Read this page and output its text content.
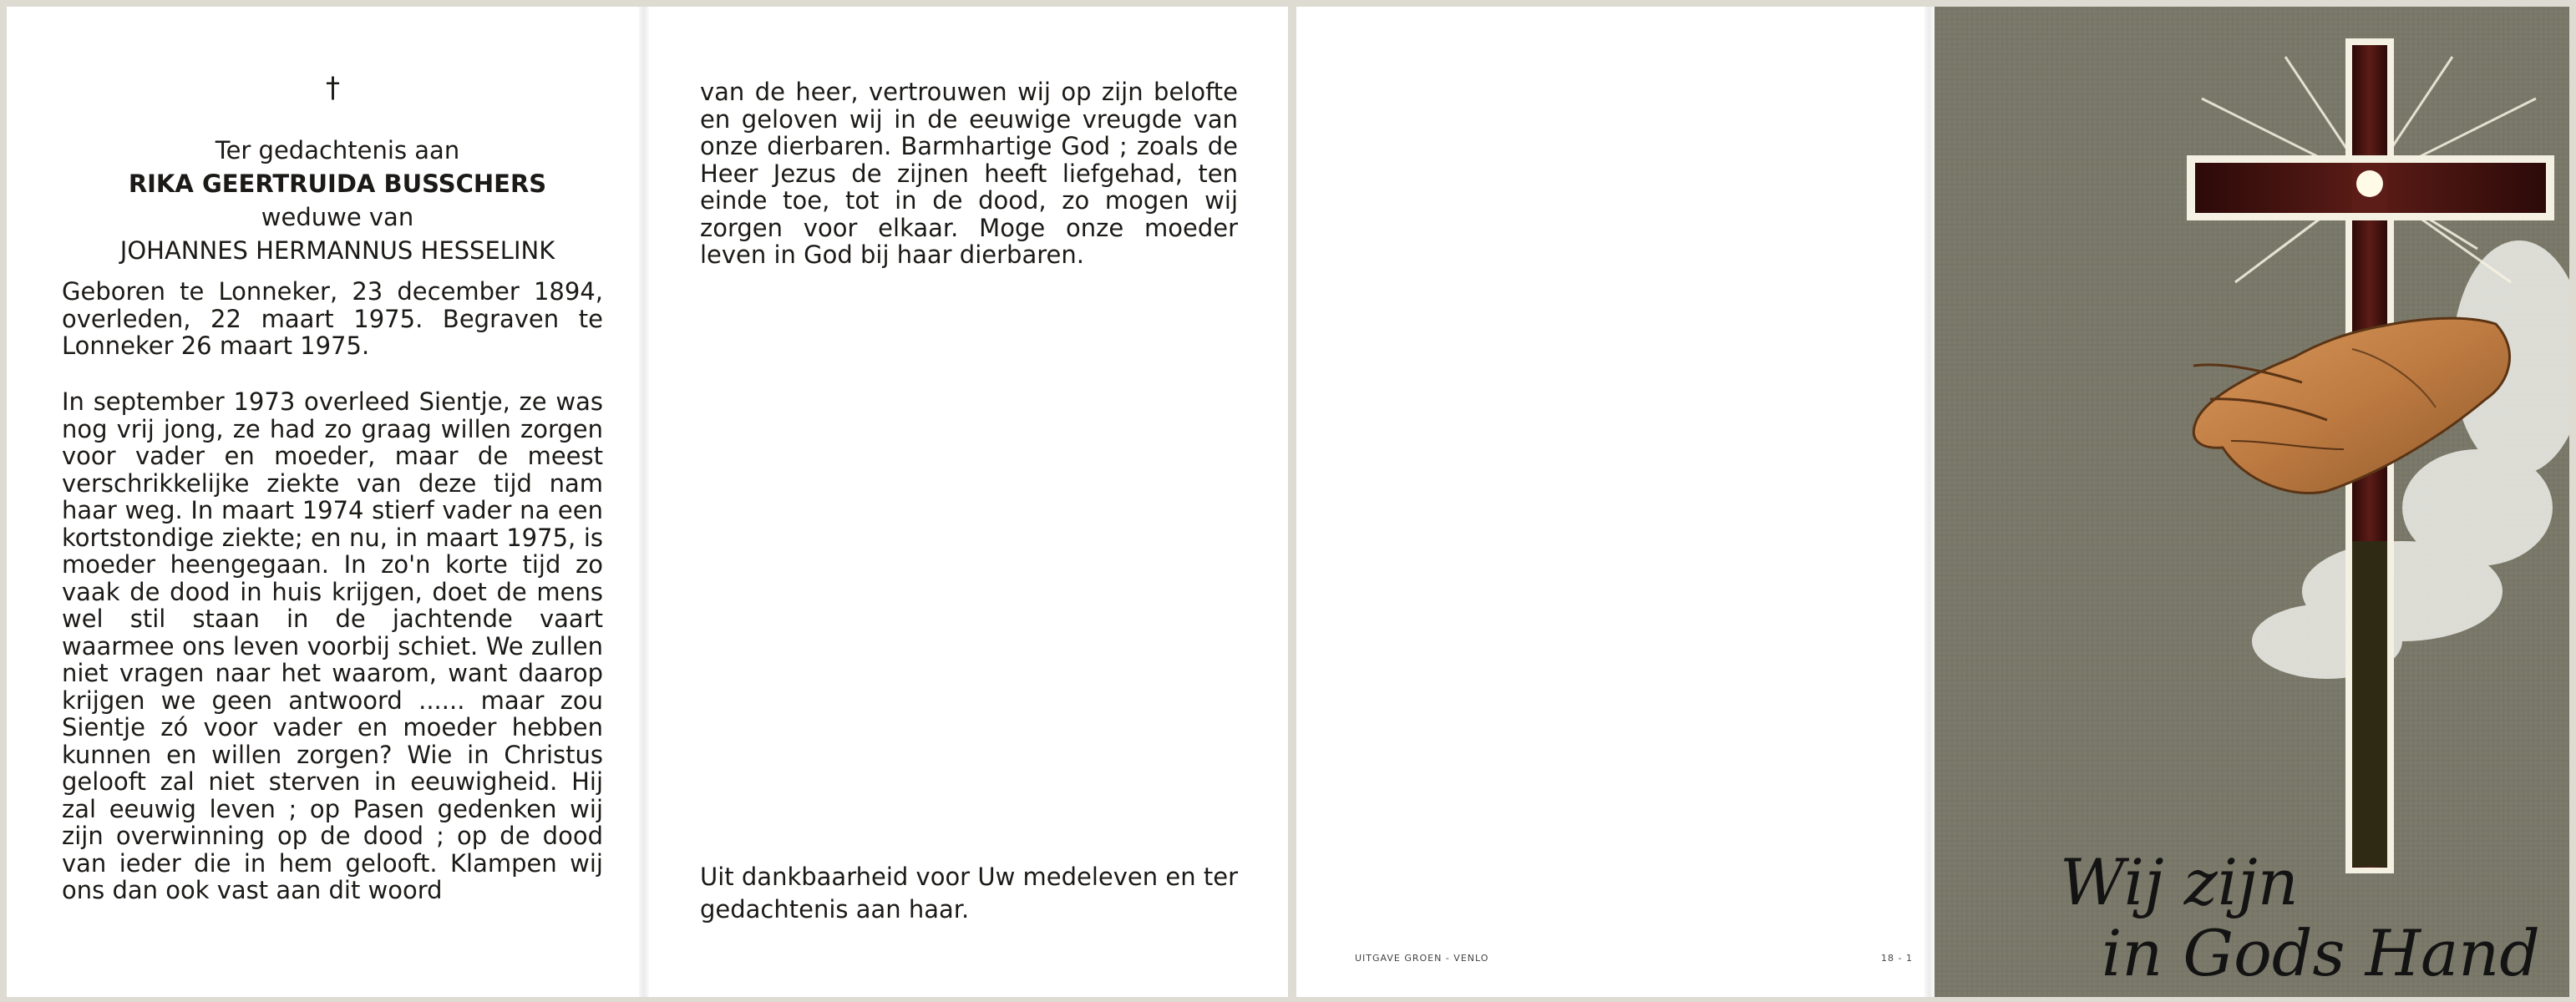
†
Ter gedachtenis aan
RIKA GEERTRUIDA BUSSCHERS
weduwe van
JOHANNES HERMANNUS HESSELINK

Geboren te Lonneker, 23 december 1894, overleden, 22 maart 1975. Begraven te Lonneker 26 maart 1975.

In september 1973 overleed Sientje, ze was nog vrij jong, ze had zo graag willen zorgen voor vader en moeder, maar de meest verschrikkelijke ziekte van deze tijd nam haar weg. In maart 1974 stierf vader na een kortstondige ziekte; en nu, in maart 1975, is moeder heengegaan. In zo'n korte tijd zo vaak de dood in huis krijgen, doet de mens wel stil staan in de jachtende vaart waarmee ons leven voorbij schiet. We zullen niet vragen naar het waarom, want daarop krijgen we geen antwoord ...... maar zou Sientje zó voor vader en moeder hebben kunnen en willen zorgen? Wie in Christus gelooft zal niet sterven in eeuwigheid. Hij zal eeuwig leven ; op Pasen gedenken wij zijn overwinning op de dood ; op de dood van ieder die in hem gelooft. Klampen wij ons dan ook vast aan dit woord

van de heer, vertrouwen wij op zijn belofte en geloven wij in de eeuwige vreugde van onze dierbaren. Barmhartige God ; zoals de Heer Jezus de zijnen heeft liefgehad, ten einde toe, tot in de dood, zo mogen wij zorgen voor elkaar. Moge onze moeder leven in God bij haar dierbaren.

Uit dankbaarheid voor Uw medeleven en ter gedachtenis aan haar.

UITGAVE GROEN - VENLO	18 - 1
Wij zijn
in Gods Hand
